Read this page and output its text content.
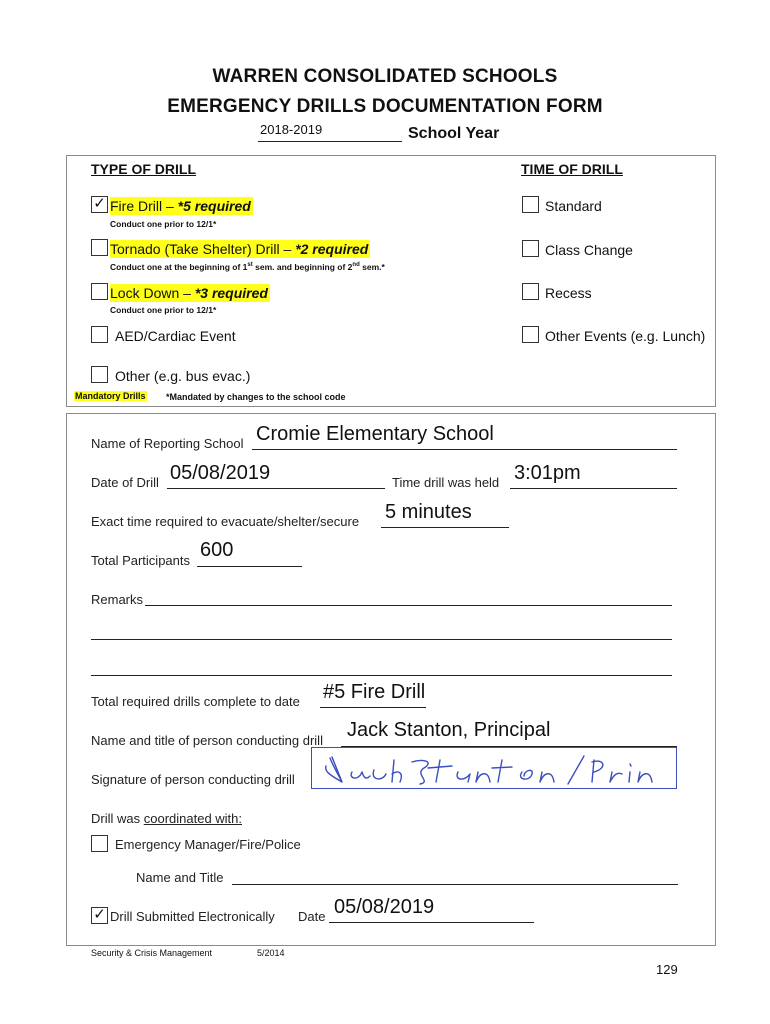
WARREN CONSOLIDATED SCHOOLS
EMERGENCY DRILLS DOCUMENTATION FORM
2018-2019	School Year
TYPE OF DRILL	TIME OF DRILL
✓ Fire Drill – *5 required
Conduct one prior to 12/1*
Tornado (Take Shelter) Drill – *2 required
Conduct one at the beginning of 1st sem. and beginning of 2nd sem.*
Lock Down – *3 required
Conduct one prior to 12/1*
AED/Cardiac Event
Other (e.g. bus evac.)
Mandatory Drills *Mandated by changes to the school code
Standard
Class Change
Recess
Other Events (e.g. Lunch)
Name of Reporting School Cromie Elementary School
Date of Drill 05/08/2019	Time drill was held 3:01pm
Exact time required to evacuate/shelter/secure 5 minutes
Total Participants 600
Remarks
Total required drills complete to date #5 Fire Drill
Name and title of person conducting drill Jack Stanton, Principal
Signature of person conducting drill
Drill was coordinated with:
Emergency Manager/Fire/Police
Name and Title
✓ Drill Submitted Electronically Date 05/08/2019
Security & Crisis Management	5/2014
129
